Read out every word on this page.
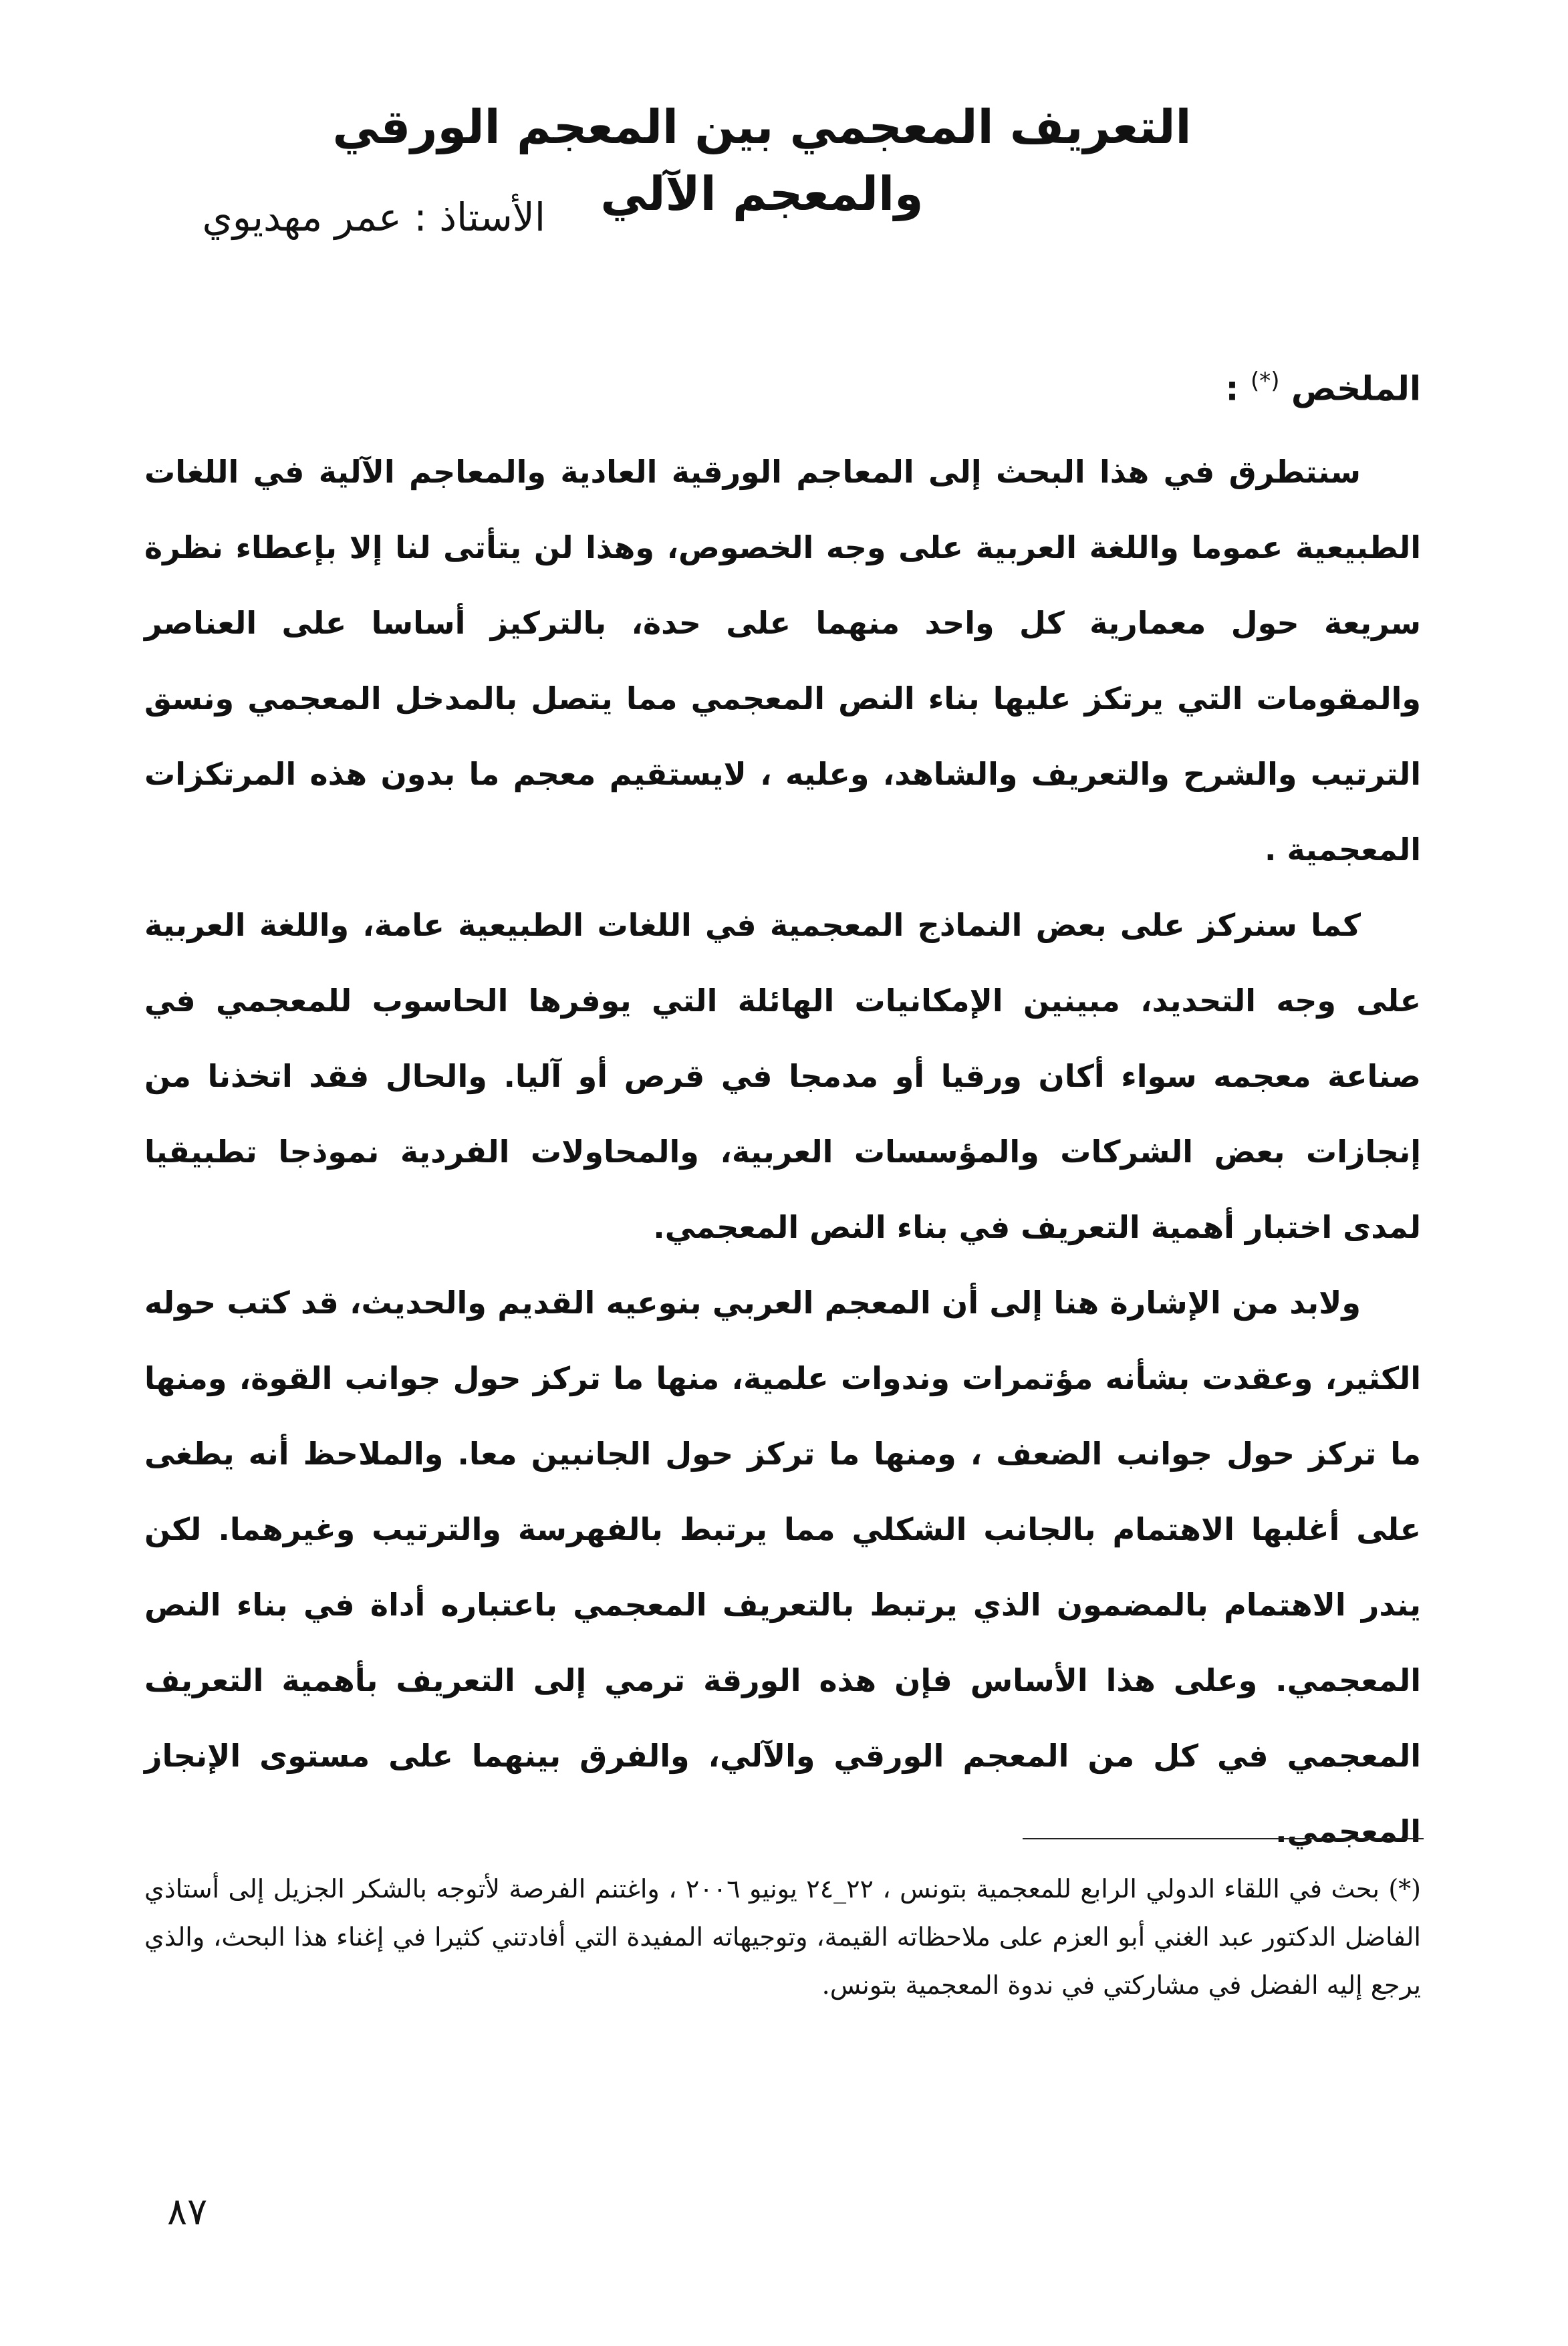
التعريف المعجمي بين المعجم الورقي والمعجم الآلي

الأستاذ : عمر مهديوي

الملخص (*) :

سنتطرق في هذا البحث إلى المعاجم الورقية العادية والمعاجم الآلية في اللغات الطبيعية عموما واللغة العربية على وجه الخصوص، وهذا لن يتأتى لنا إلا بإعطاء نظرة سريعة حول معمارية كل واحد منهما على حدة، بالتركيز أساسا على العناصر والمقومات التي يرتكز عليها بناء النص المعجمي مما يتصل بالمدخل المعجمي ونسق الترتيب والشرح والتعريف والشاهد، وعليه ، لايستقيم معجم ما بدون هذه المرتكزات المعجمية .

كما سنركز على بعض النماذج المعجمية في اللغات الطبيعية عامة، واللغة العربية على وجه التحديد، مبينين الإمكانيات الهائلة التي يوفرها الحاسوب للمعجمي في صناعة معجمه سواء أكان ورقيا أو مدمجا في قرص أو آليا. والحال فقد اتخذنا من إنجازات بعض الشركات والمؤسسات العربية، والمحاولات الفردية نموذجا تطبيقيا لمدى اختبار أهمية التعريف في بناء النص المعجمي.

ولابد من الإشارة هنا إلى أن المعجم العربي بنوعيه القديم والحديث، قد كتب حوله الكثير، وعقدت بشأنه مؤتمرات وندوات علمية، منها ما تركز حول جوانب القوة، ومنها ما تركز حول جوانب الضعف ، ومنها ما تركز حول الجانبين معا. والملاحظ أنه يطغى على أغلبها الاهتمام بالجانب الشكلي مما يرتبط بالفهرسة والترتيب وغيرهما. لكن يندر الاهتمام بالمضمون الذي يرتبط بالتعريف المعجمي باعتباره أداة في بناء النص المعجمي. وعلى هذا الأساس فإن هذه الورقة ترمي إلى التعريف بأهمية التعريف المعجمي في كل من المعجم الورقي والآلي، والفرق بينهما على مستوى الإنجاز المعجمي.

(*) بحث في اللقاء الدولي الرابع للمعجمية بتونس ، ٢٢_٢٤ يونيو ٢٠٠٦ ، واغتنم الفرصة لأتوجه بالشكر الجزيل إلى أستاذي الفاضل الدكتور عبد الغني أبو العزم على ملاحظاته القيمة، وتوجيهاته المفيدة التي أفادتني كثيرا في إغناء هذا البحث، والذي يرجع إليه الفضل في مشاركتي في ندوة المعجمية بتونس.

٨٧
